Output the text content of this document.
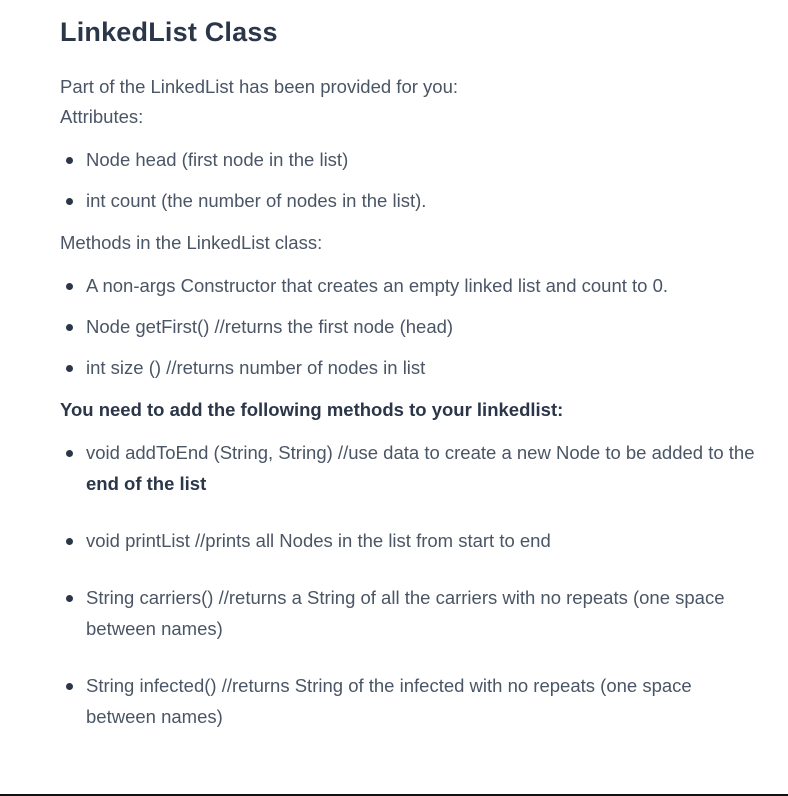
LinkedList Class

Part of the LinkedList has been provided for you:
Attributes:

Node head (first node in the list)
int count (the number of nodes in the list).

Methods in the LinkedList class:

A non-args Constructor that creates an empty linked list and count to 0.
Node getFirst() //returns the first node (head)
int size () //returns number of nodes in list

You need to add the following methods to your linkedlist:

void addToEnd (String, String) //use data to create a new Node to be added to the end of the list
void printList //prints all Nodes in the list from start to end
String carriers() //returns a String of all the carriers with no repeats (one space between names)
String infected() //returns String of the infected with no repeats (one space between names)
